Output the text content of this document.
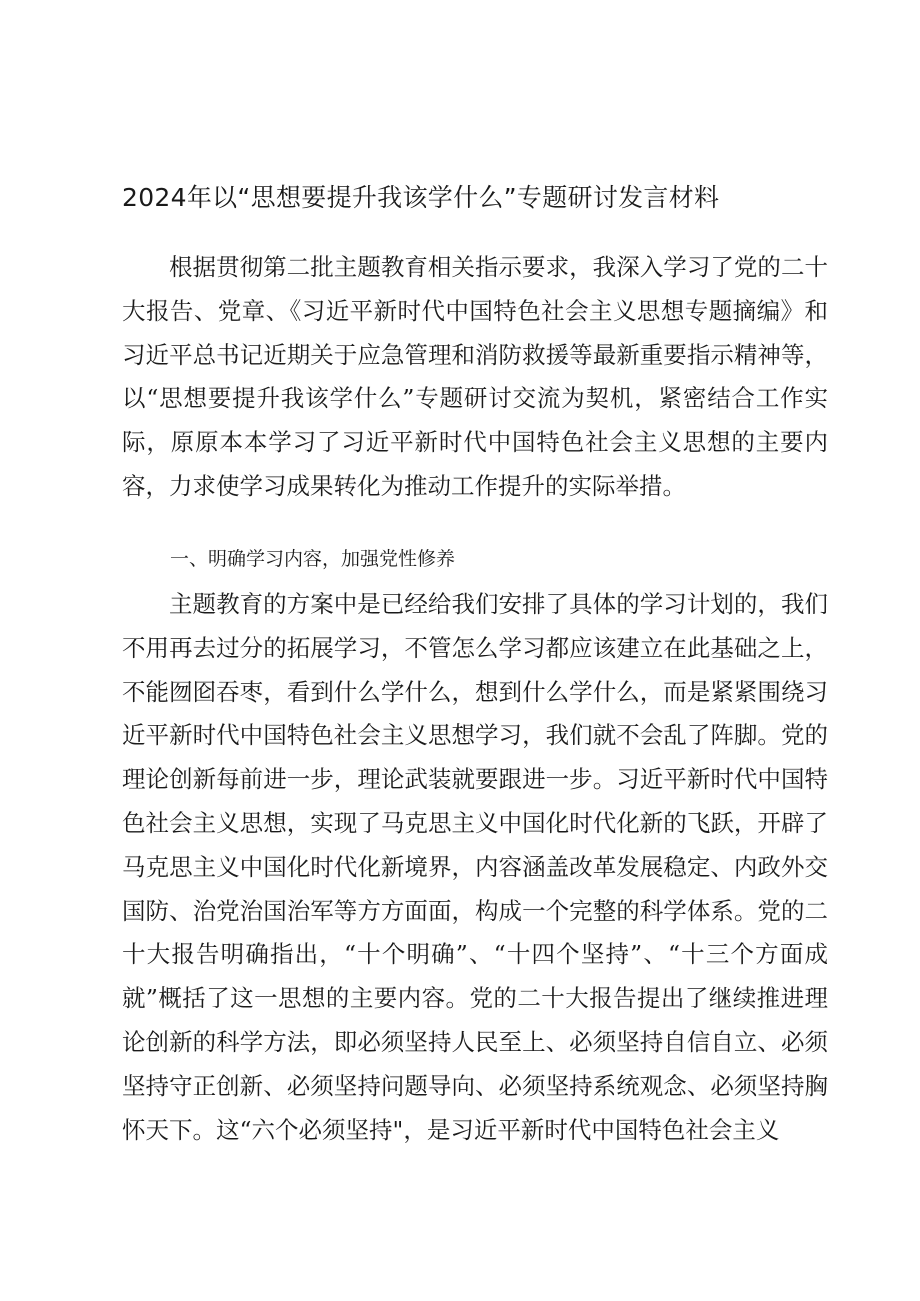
2024年以“思想要提升我该学什么”专题研讨发言材料

根据贯彻第二批主题教育相关指示要求，我深入学习了党的二十大报告、党章、《习近平新时代中国特色社会主义思想专题摘编》和习近平总书记近期关于应急管理和消防救援等最新重要指示精神等，以“思想要提升我该学什么”专题研讨交流为契机，紧密结合工作实际，原原本本学习了习近平新时代中国特色社会主义思想的主要内容，力求使学习成果转化为推动工作提升的实际举措。

一、明确学习内容，加强党性修养

主题教育的方案中是已经给我们安排了具体的学习计划的，我们不用再去过分的拓展学习，不管怎么学习都应该建立在此基础之上，不能囫囵吞枣，看到什么学什么，想到什么学什么，而是紧紧围绕习近平新时代中国特色社会主义思想学习，我们就不会乱了阵脚。党的理论创新每前进一步，理论武装就要跟进一步。习近平新时代中国特色社会主义思想，实现了马克思主义中国化时代化新的飞跃，开辟了马克思主义中国化时代化新境界，内容涵盖改革发展稳定、内政外交国防、治党治国治军等方方面面，构成一个完整的科学体系。党的二十大报告明确指出，“十个明确”、“十四个坚持”、“十三个方面成就”概括了这一思想的主要内容。党的二十大报告提出了继续推进理论创新的科学方法，即必须坚持人民至上、必须坚持自信自立、必须坚持守正创新、必须坚持问题导向、必须坚持系统观念、必须坚持胸怀天下。这“六个必须坚持"，是习近平新时代中国特色社会主义
